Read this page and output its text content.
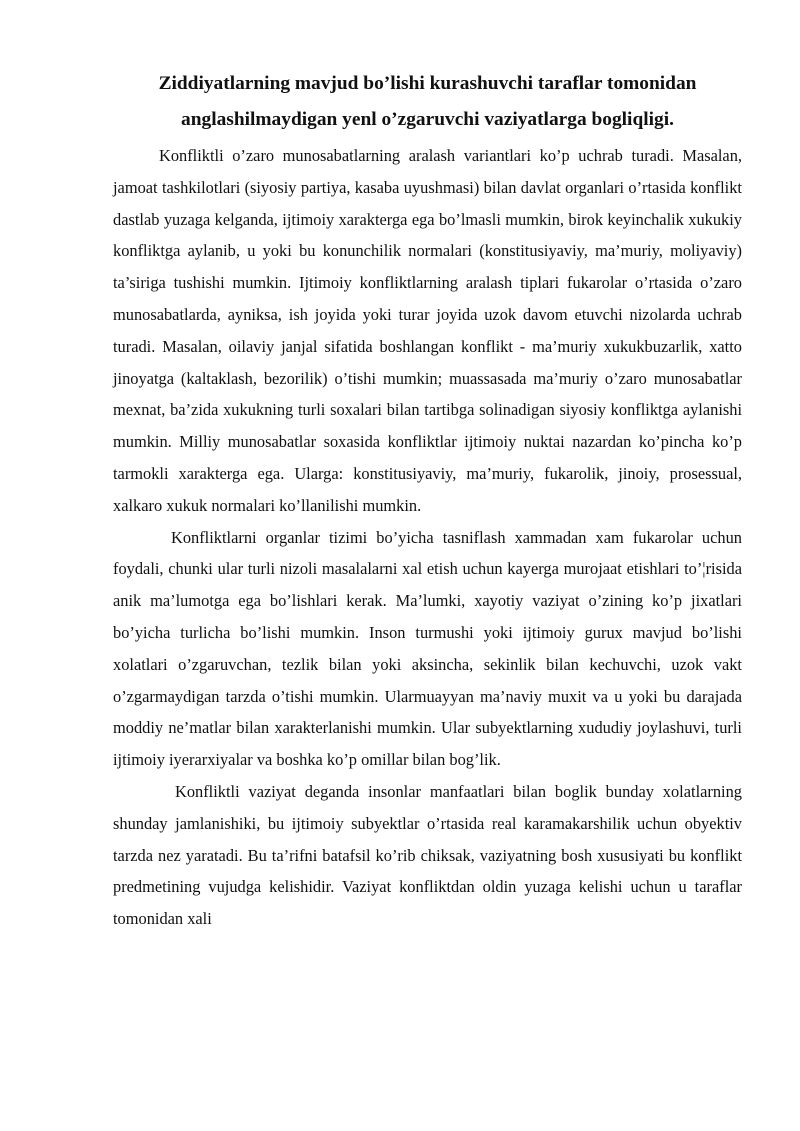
Ziddiyatlarning mavjud bo’lishi kurashuvchi taraflar tomonidan anglashilmaydigan yenl o’zgaruvchi vaziyatlarga bogliqligi.

Konfliktli o’zaro munosabatlarning aralash variantlari ko’p uchrab turadi. Masalan, jamoat tashkilotlari (siyosiy partiya, kasaba uyushmasi) bilan davlat organlari o’rtasida konflikt dastlab yuzaga kelganda, ijtimoiy xarakterga ega bo’lmasli mumkin, birok keyinchalik xukukiy konfliktga aylanib, u yoki bu konunchilik normalari (konstitusiyaviy, ma’muriy, moliyaviy) ta’siriga tushishi mumkin. Ijtimoiy konfliktlarning aralash tiplari fukarolar o’rtasida o’zaro munosabatlarda, ayniksa, ish joyida yoki turar joyida uzok davom etuvchi nizolarda uchrab turadi. Masalan, oilaviy janjal sifatida boshlangan konflikt - ma’muriy xukukbuzarlik, xatto jinoyatga (kaltaklash, bezorilik) o’tishi mumkin; muassasada ma’muriy o’zaro munosabatlar mexnat, ba’zida xukukning turli soxalari bilan tartibga solinadigan siyosiy konfliktga aylanishi mumkin. Milliy munosabatlar soxasida konfliktlar ijtimoiy nuktai nazardan ko’pincha ko’p tarmokli xarakterga ega. Ularga: konstitusiyaviy, ma’muriy, fukarolik, jinoiy, prosessual, xalkaro xukuk normalari ko’llanilishi mumkin.

Konfliktlarni organlar tizimi bo’yicha tasniflash xammadan xam fukarolar uchun foydali, chunki ular turli nizoli masalalarni xal etish uchun kayerga murojaat etishlari to’¦risida anik ma’lumotga ega bo’lishlari kerak. Ma’lumki, xayotiy vaziyat o’zining ko’p jixatlari bo’yicha turlicha bo’lishi mumkin. Inson turmushi yoki ijtimoiy gurux mavjud bo’lishi xolatlari o’zgaruvchan, tezlik bilan yoki aksincha, sekinlik bilan kechuvchi, uzok vakt o’zgarmaydigan tarzda o’tishi mumkin. Ularmuayyan ma’naviy muxit va u yoki bu darajada moddiy ne’matlar bilan xarakterlanishi mumkin. Ular subyektlarning xududiy joylashuvi, turli ijtimoiy iyerarxiyalar va boshka ko’p omillar bilan bog’lik.

Konfliktli vaziyat deganda insonlar manfaatlari bilan boglik bunday xolatlarning shunday jamlanishiki, bu ijtimoiy subyektlar o’rtasida real karamakarshilik uchun obyektiv tarzda nez yaratadi. Bu ta’rifni batafsil ko’rib chiksak, vaziyatning bosh xususiyati bu konflikt predmetining vujudga kelishidir. Vaziyat konfliktdan oldin yuzaga kelishi uchun u taraflar tomonidan xali
